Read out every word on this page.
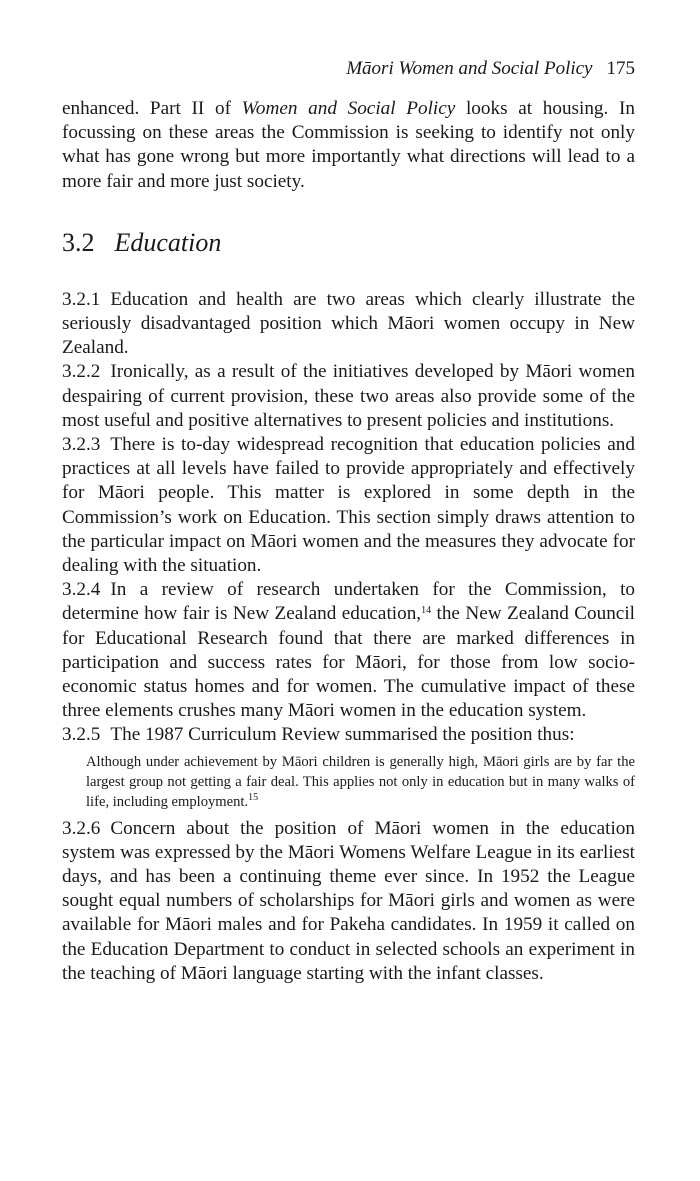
Māori Women and Social Policy 175

enhanced. Part II of Women and Social Policy looks at housing. In focussing on these areas the Commission is seeking to identify not only what has gone wrong but more importantly what directions will lead to a more fair and more just society.

3.2 Education

3.2.1 Education and health are two areas which clearly illustrate the seriously disadvantaged position which Māori women occupy in New Zealand.

3.2.2 Ironically, as a result of the initiatives developed by Māori women despairing of current provision, these two areas also provide some of the most useful and positive alternatives to present policies and institutions.

3.2.3 There is to-day widespread recognition that education policies and practices at all levels have failed to provide appropriately and effectively for Māori people. This matter is explored in some depth in the Commission’s work on Education. This section simply draws attention to the particular impact on Māori women and the measures they advocate for dealing with the situation.

3.2.4 In a review of research undertaken for the Commission, to determine how fair is New Zealand education,$^{14}$ the New Zealand Council for Educational Research found that there are marked differences in participation and success rates for Māori, for those from low socio-economic status homes and for women. The cumulative impact of these three elements crushes many Māori women in the education system.

3.2.5 The 1987 Curriculum Review summarised the position thus:

Although under achievement by Māori children is generally high, Māori girls are by far the largest group not getting a fair deal. This applies not only in education but in many walks of life, including employment.$^{15}$

3.2.6 Concern about the position of Māori women in the education system was expressed by the Māori Womens Welfare League in its earliest days, and has been a continuing theme ever since. In 1952 the League sought equal numbers of scholarships for Māori girls and women as were available for Māori males and for Pakeha candidates. In 1959 it called on the Education Department to conduct in selected schools an experiment in the teaching of Māori language starting with the infant classes.
